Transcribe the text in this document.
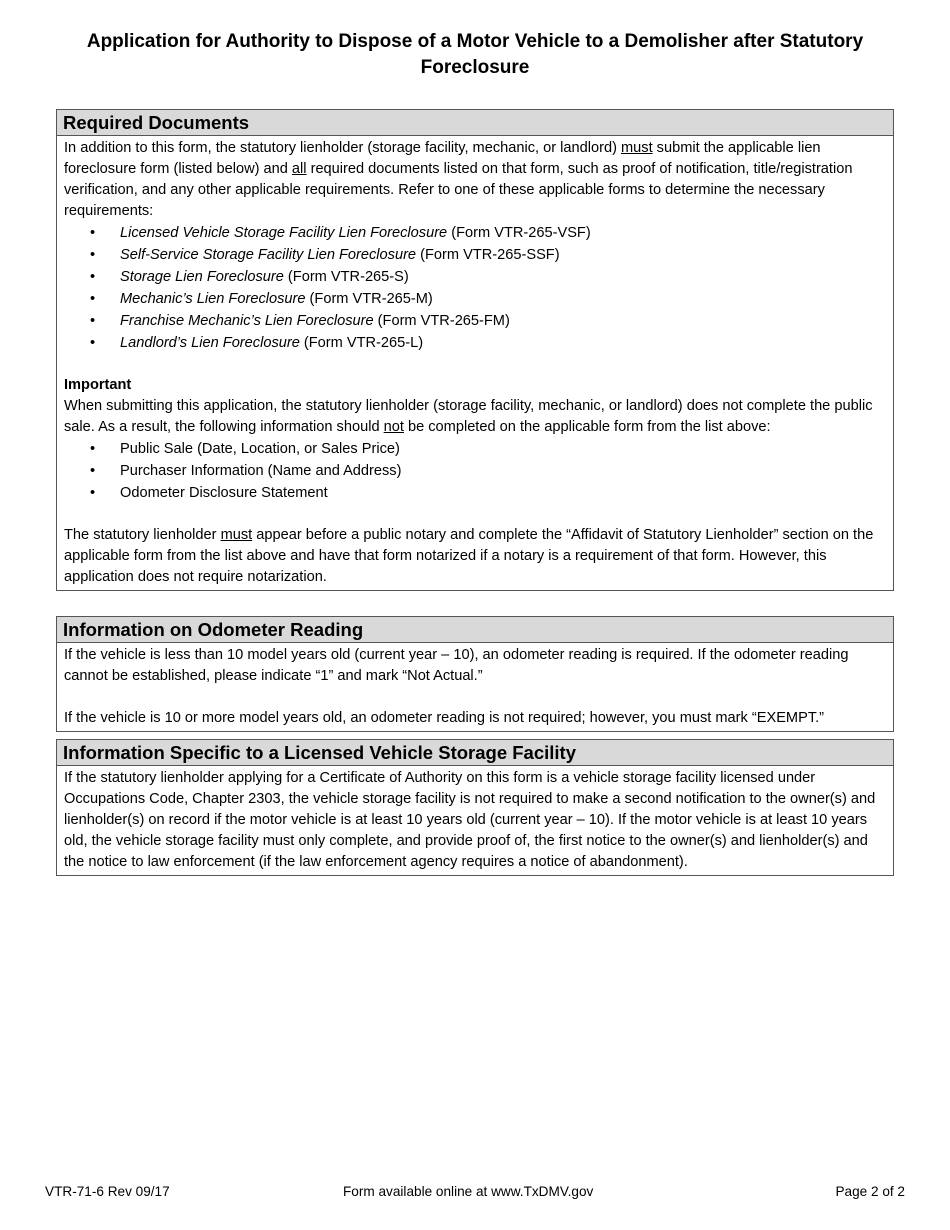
Application for Authority to Dispose of a Motor Vehicle to a Demolisher after Statutory Foreclosure
Required Documents

In addition to this form, the statutory lienholder (storage facility, mechanic, or landlord) must submit the applicable lien foreclosure form (listed below) and all required documents listed on that form, such as proof of notification, title/registration verification, and any other applicable requirements. Refer to one of these applicable forms to determine the necessary requirements:

• Licensed Vehicle Storage Facility Lien Foreclosure (Form VTR-265-VSF)
• Self-Service Storage Facility Lien Foreclosure (Form VTR-265-SSF)
• Storage Lien Foreclosure (Form VTR-265-S)
• Mechanic’s Lien Foreclosure (Form VTR-265-M)
• Franchise Mechanic’s Lien Foreclosure (Form VTR-265-FM)
• Landlord’s Lien Foreclosure (Form VTR-265-L)

Important

When submitting this application, the statutory lienholder (storage facility, mechanic, or landlord) does not complete the public sale. As a result, the following information should not be completed on the applicable form from the list above:

• Public Sale (Date, Location, or Sales Price)
• Purchaser Information (Name and Address)
• Odometer Disclosure Statement

The statutory lienholder must appear before a public notary and complete the “Affidavit of Statutory Lienholder” section on the applicable form from the list above and have that form notarized if a notary is a requirement of that form. However, this application does not require notarization.

Information on Odometer Reading

If the vehicle is less than 10 model years old (current year – 10), an odometer reading is required. If the odometer reading cannot be established, please indicate “1” and mark “Not Actual.”

If the vehicle is 10 or more model years old, an odometer reading is not required; however, you must mark “EXEMPT.”

Information Specific to a Licensed Vehicle Storage Facility

If the statutory lienholder applying for a Certificate of Authority on this form is a vehicle storage facility licensed under Occupations Code, Chapter 2303, the vehicle storage facility is not required to make a second notification to the owner(s) and lienholder(s) on record if the motor vehicle is at least 10 years old (current year – 10). If the motor vehicle is at least 10 years old, the vehicle storage facility must only complete, and provide proof of, the first notice to the owner(s) and lienholder(s) and the notice to law enforcement (if the law enforcement agency requires a notice of abandonment).

VTR-71-6 Rev 09/17	Form available online at www.TxDMV.gov	Page 2 of 2
